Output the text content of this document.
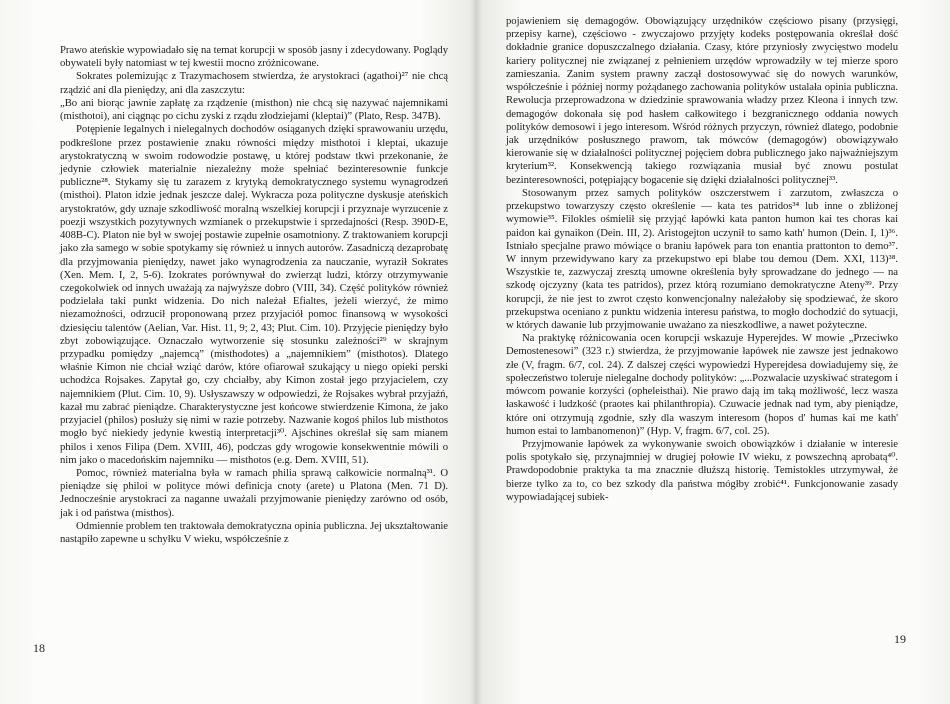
Prawo ateńskie wypowiadało się na temat korupcji w sposób jasny i zdecydowany. Poglądy obywateli były natomiast w tej kwestii mocno zróżnicowane.

Sokrates polemizując z Trazymachosem stwierdza, że arystokraci (agathoi)²⁷ nie chcą rządzić ani dla pieniędzy, ani dla zaszczytu:

„Bo ani biorąc jawnie zapłatę za rządzenie (misthon) nie chcą się nazywać najemnikami (misthotoi), ani ciągnąc po cichu zyski z rządu złodziejami (kleptai)” (Plato, Resp. 347B).

Potępienie legalnych i nielegalnych dochodów osiąganych dzięki sprawowaniu urzędu, podkreślone przez postawienie znaku równości między misthotoi i kleptai, ukazuje arystokratyczną w swoim rodowodzie postawę, u której podstaw tkwi przekonanie, że jedynie człowiek materialnie niezależny może spełniać bezinteresownie funkcje publiczne²⁸. Stykamy się tu zarazem z krytyką demokratycznego systemu wynagrodzeń (misthoi). Platon idzie jednak jeszcze dalej. Wykracza poza polityczne dyskusje ateńskich arystokratów, gdy uznaje szkodliwość moralną wszelkiej korupcji i przyznaje wyrzucenie z poezji wszystkich pozytywnych wzmianek o przekupstwie i sprzedajności (Resp. 390D-E, 408B-C). Platon nie był w swojej postawie zupełnie osamotniony. Z traktowaniem korupcji jako zła samego w sobie spotykamy się również u innych autorów. Zasadniczą dezaprobatę dla przyjmowania pieniędzy, nawet jako wynagrodzenia za nauczanie, wyraził Sokrates (Xen. Mem. I, 2, 5-6). Izokrates porównywał do zwierząt ludzi, którzy otrzymywanie czegokolwiek od innych uważają za najwyższe dobro (VIII, 34). Część polityków również podzielała taki punkt widzenia. Do nich należał Efialtes, jeżeli wierzyć, że mimo niezamożności, odrzucił proponowaną przez przyjaciół pomoc finansową w wysokości dziesięciu talentów (Aelian, Var. Hist. 11, 9; 2, 43; Plut. Cim. 10). Przyjęcie pieniędzy było zbyt zobowiązujące. Oznaczało wytworzenie się stosunku zależności²⁹ w skrajnym przypadku pomiędzy „najemcą” (misthodotes) a „najemnikiem” (misthotos). Dlatego właśnie Kimon nie chciał wziąć darów, które ofiarował szukający u niego opieki perski uchodźca Rojsakes. Zapytał go, czy chciałby, aby Kimon został jego przyjacielem, czy najemnikiem (Plut. Cim. 10, 9). Usłyszawszy w odpowiedzi, że Rojsakes wybrał przyjaźń, kazał mu zabrać pieniądze. Charakterystyczne jest końcowe stwierdzenie Kimona, że jako przyjaciel (philos) posłuży się nimi w razie potrzeby. Nazwanie kogoś philos lub misthotos mogło być niekiedy jedynie kwestią interpretacji³⁰. Ajschines określał się sam mianem philos i xenos Filipa (Dem. XVIII, 46), podczas gdy wrogowie konsekwentnie mówili o nim jako o macedońskim najemniku — misthotos (e.g. Dem. XVIII, 51).

Pomoc, również materialna była w ramach philia sprawą całkowicie normalną³¹. O pieniądze się philoi w polityce mówi definicja cnoty (arete) u Platona (Men. 71 D). Jednocześnie arystokraci za naganne uważali przyjmowanie pieniędzy zarówno od osób, jak i od państwa (misthos).

Odmiennie problem ten traktowała demokratyczna opinia publiczna. Jej ukształtowanie nastąpiło zapewne u schyłku V wieku, współcześnie z

18

pojawieniem się demagogów. Obowiązujący urzędników częściowo pisany (przysięgi, przepisy karne), częściowo - zwyczajowo przyjęty kodeks postępowania określał dość dokładnie granice dopuszczalnego działania. Czasy, które przyniosły zwycięstwo modelu kariery politycznej nie związanej z pełnieniem urzędów wprowadziły w tej mierze sporo zamieszania. Zanim system prawny zaczął dostosowywać się do nowych warunków, współcześnie i później normy pożądanego zachowania polityków ustalała opinia publiczna. Rewolucja przeprowadzona w dziedzinie sprawowania władzy przez Kleona i innych tzw. demagogów dokonała się pod hasłem całkowitego i bezgranicznego oddania nowych polityków demosowi i jego interesom. Wśród różnych przyczyn, również dlatego, podobnie jak urzędników posłusznego prawom, tak mówców (demagogów) obowiązywało kierowanie się w działalności politycznej pojęciem dobra publicznego jako najważniejszym kryterium³². Konsekwencją takiego rozwiązania musiał być znowu postulat bezinteresowności, potępiający bogacenie się dzięki działalności politycznej³³.

Stosowanym przez samych polityków oszczerstwem i zarzutom, zwłaszcza o przekupstwo towarzyszy często określenie — kata tes patridos³⁴ lub inne o zbliżonej wymowie³⁵. Filokles ośmielił się przyjąć łapówki kata panton humon kai tes choras kai paidon kai gynaikon (Dein. III, 2). Aristogejton uczynił to samo kath' humon (Dein. I, 1)³⁶. Istniało specjalne prawo mówiące o braniu łapówek para ton enantia prattonton to demo³⁷. W innym przewidywano kary za przekupstwo epi blabe tou demou (Dem. XXI, 113)³⁸. Wszystkie te, zazwyczaj zresztą umowne określenia były sprowadzane do jednego — na szkodę ojczyzny (kata tes patridos), przez którą rozumiano demokratyczne Ateny³⁹. Przy korupcji, że nie jest to zwrot często konwencjonalny należałoby się spodziewać, że skoro przekupstwa oceniano z punktu widzenia interesu państwa, to mogło dochodzić do sytuacji, w których dawanie lub przyjmowanie uważano za nieszkodliwe, a nawet pożyteczne.

Na praktykę różnicowania ocen korupcji wskazuje Hyperejdes. W mowie „Przeciwko Demostenesowi” (323 r.) stwierdza, że przyjmowanie łapówek nie zawsze jest jednakowo złe (V, fragm. 6/7, col. 24). Z dalszej części wypowiedzi Hyperejdesa dowiadujemy się, że społeczeństwo toleruje nielegalne dochody polityków: „...Pozwalacie uzyskiwać strategom i mówcom powanie korzyści (opheleisthai). Nie prawo dają im taką możliwość, lecz wasza łaskawość i ludzkość (praotes kai philanthropia). Czuwacie jednak nad tym, aby pieniądze, które oni otrzymują zgodnie, szły dla waszym interesom (hopos d' humas kai me kath' humon estai to lambanomenon)” (Hyp. V, fragm. 6/7, col. 25).

Przyjmowanie łapówek za wykonywanie swoich obowiązków i działanie w interesie polis spotykało się, przynajmniej w drugiej połowie IV wieku, z powszechną aprobatą⁴⁰. Prawdopodobnie praktyka ta ma znacznie dłuższą historię. Temistokles utrzymywał, że bierze tylko za to, co bez szkody dla państwa mógłby zrobić⁴¹. Funkcjonowanie zasady wypowiadającej subiek-

19
